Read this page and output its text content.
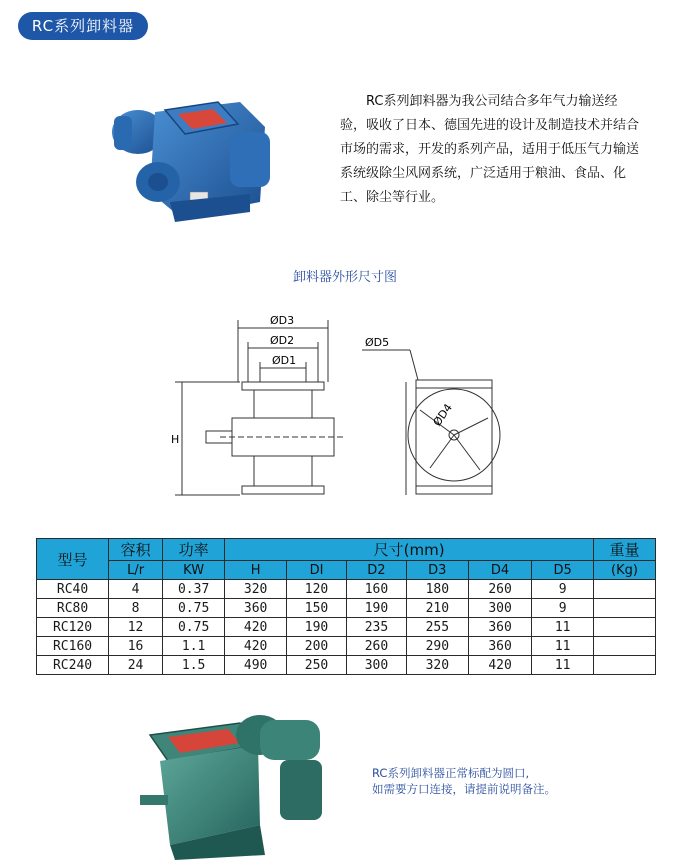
RC系列卸料器
RC系列卸料器为我公司结合多年气力输送经验，吸收了日本、德国先进的设计及制造技术并结合市场的需求，开发的系列产品，适用于低压气力输送系统级除尘风网系统，广泛适用于粮油、食品、化工、除尘等行业。
卸料器外形尺寸图
ØD3
ØD2
ØD1
ØD5
H
ØD4
型号	容积	功率	尺寸(mm)						重量
	L/r	KW	H	DI	D2	D3	D4	D5	(Kg)
RC40	4	0.37	320	120	160	180	260	9	
RC80	8	0.75	360	150	190	210	300	9	
RC120	12	0.75	420	190	235	255	360	11	
RC160	16	1.1	420	200	260	290	360	11	
RC240	24	1.5	490	250	300	320	420	11	
RC系列卸料器正常标配为圆口,
如需要方口连接，请提前说明备注。
